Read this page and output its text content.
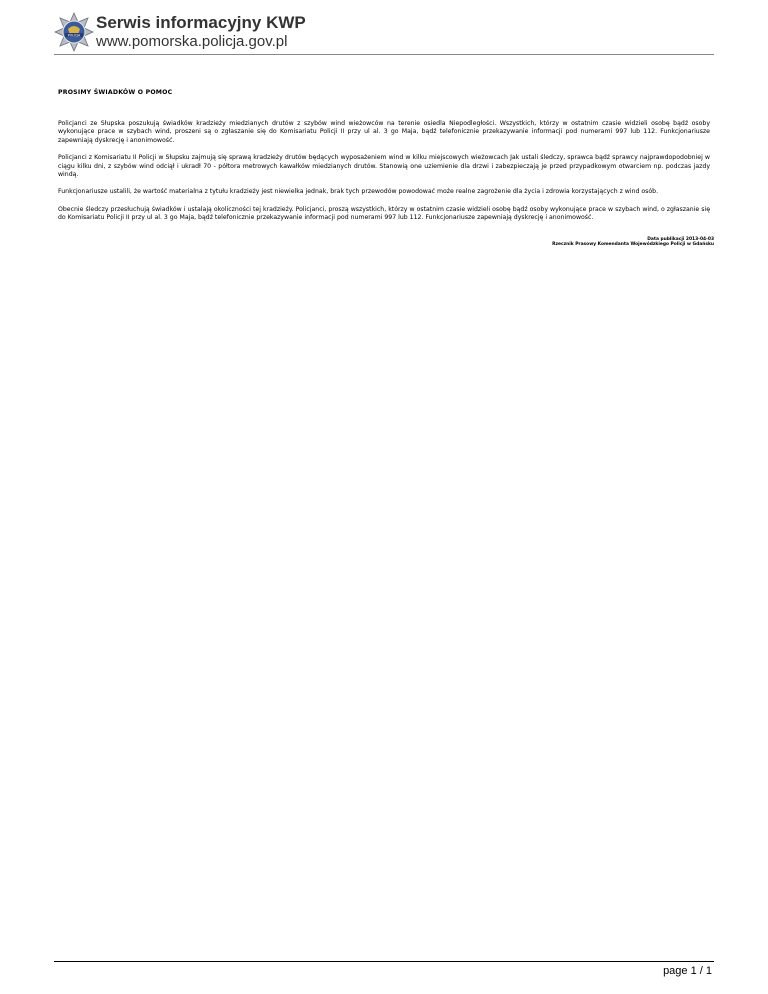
POLICJA
Serwis informacyjny KWP
www.pomorska.policja.gov.pl
PROSIMY ŚWIADKÓW O POMOC

Policjanci ze Słupska poszukują świadków kradzieży miedzianych drutów z szybów wind wieżowców na terenie osiedla Niepodległości. Wszystkich, którzy w ostatnim czasie widzieli osobę bądź osoby wykonujące prace w szybach wind, proszeni są o zgłaszanie się do Komisariatu Policji II przy ul al. 3 go Maja, bądź telefonicznie przekazywanie informacji pod numerami 997 lub 112. Funkcjonariusze zapewniają dyskrecję i anonimowość.

Policjanci z Komisariatu II Policji w Słupsku zajmują się sprawą kradzieży drutów będących wyposażeniem wind w kilku miejscowych wieżowcach Jak ustali śledczy, sprawca bądź sprawcy najprawdopodobniej w ciągu kilku dni, z szybów wind odciął i ukradł 70 - półtora metrowych kawałków miedzianych drutów. Stanowią one uziemienie dla drzwi i zabezpieczają je przed przypadkowym otwarciem np. podczas jazdy windą.

Funkcjonariusze ustalili, że wartość materialna z tytułu kradzieży jest niewielka jednak, brak tych przewodów powodować może realne zagrożenie dla życia i zdrowia korzystających z wind osób.

Obecnie śledczy przesłuchują świadków i ustalają okoliczności tej kradzieży. Policjanci, proszą wszystkich, którzy w ostatnim czasie widzieli osobę bądź osoby wykonujące prace w szybach wind, o zgłaszanie się do Komisariatu Policji II przy ul al. 3 go Maja, bądź telefonicznie przekazywanie informacji pod numerami 997 lub 112. Funkcjonariusze zapewniają dyskrecję i anonimowość.

Data publikacji 2013-04-03
Rzecznik Prasowy Komendanta Wojewódzkiego Policji w Gdańsku
page 1 / 1
